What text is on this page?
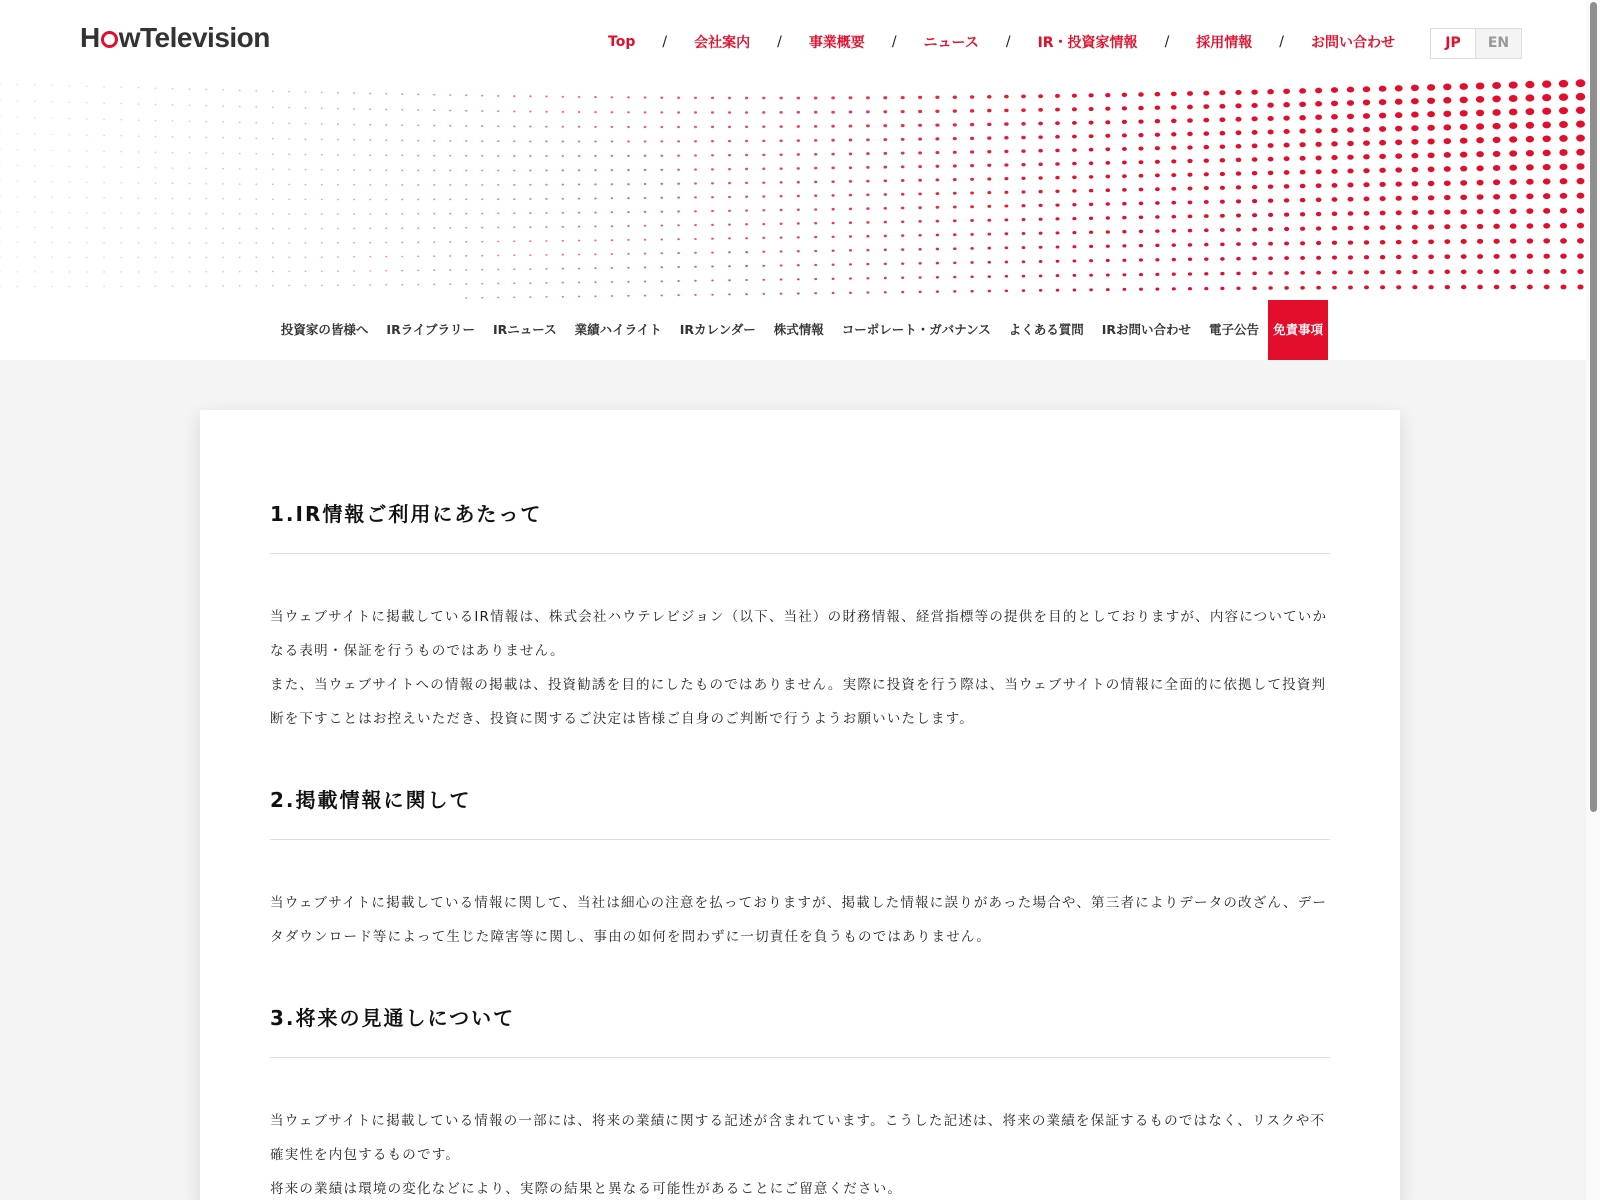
H wTelevision	Top / 会社案内 / 事業概要 / ニュース / IR・投資家情報 / 採用情報 / お問い合わせ	JP	EN
投資家の皆様へ	IRライブラリー	IRニュース	業績ハイライト	IRカレンダー	株式情報	コーポレート・ガバナンス	よくある質問	IRお問い合わせ	電子公告	免責事項
1.IR情報ご利用にあたって

当ウェブサイトに掲載しているIR情報は、株式会社ハウテレビジョン（以下、当社）の財務情報、経営指標等の提供を目的としておりますが、内容についていかなる表明・保証を行うものではありません。

また、当ウェブサイトへの情報の掲載は、投資勧誘を目的にしたものではありません。実際に投資を行う際は、当ウェブサイトの情報に全面的に依拠して投資判断を下すことはお控えいただき、投資に関するご決定は皆様ご自身のご判断で行うようお願いいたします。

2.掲載情報に関して

当ウェブサイトに掲載している情報に関して、当社は細心の注意を払っておりますが、掲載した情報に誤りがあった場合や、第三者によりデータの改ざん、データダウンロード等によって生じた障害等に関し、事由の如何を問わずに一切責任を負うものではありません。

3.将来の見通しについて

当ウェブサイトに掲載している情報の一部には、将来の業績に関する記述が含まれています。こうした記述は、将来の業績を保証するものではなく、リスクや不確実性を内包するものです。

将来の業績は環境の変化などにより、実際の結果と異なる可能性があることにご留意ください。
